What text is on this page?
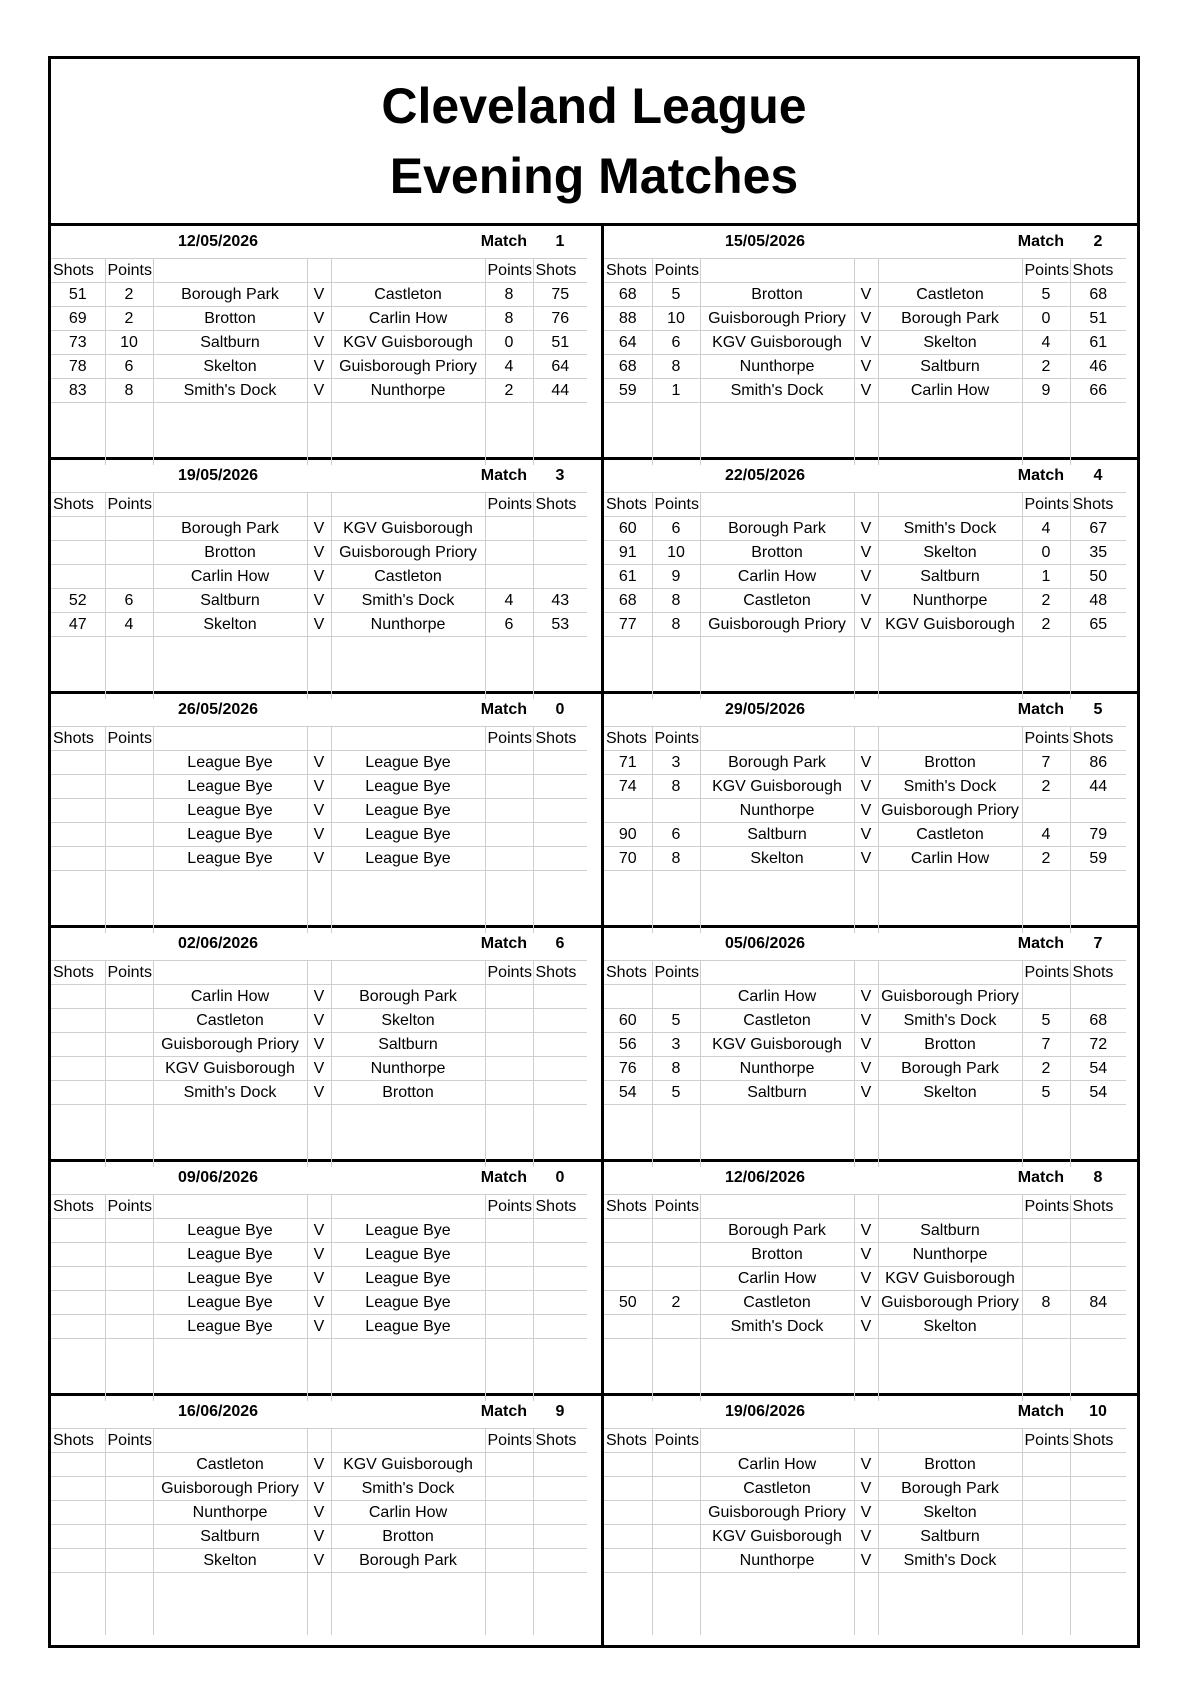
Cleveland League
Evening Matches
	12/05/2026			Match		1
Shots	Points				Points	Shots
51	2	Borough Park	V	Castleton	8	75
69	2	Brotton	V	Carlin How	8	76
73	10	Saltburn	V	KGV Guisborough	0	51
78	6	Skelton	V	Guisborough Priory	4	64
83	8	Smith's Dock	V	Nunthorpe	2	44

	15/05/2026			Match		2
Shots	Points				Points	Shots
68	5	Brotton	V	Castleton	5	68
88	10	Guisborough Priory	V	Borough Park	0	51
64	6	KGV Guisborough	V	Skelton	4	61
68	8	Nunthorpe	V	Saltburn	2	46
59	1	Smith's Dock	V	Carlin How	9	66

	19/05/2026			Match		3
Shots	Points				Points	Shots
		Borough Park	V	KGV Guisborough		
		Brotton	V	Guisborough Priory		
		Carlin How	V	Castleton		
52	6	Saltburn	V	Smith's Dock	4	43
47	4	Skelton	V	Nunthorpe	6	53

	22/05/2026			Match		4
Shots	Points				Points	Shots
60	6	Borough Park	V	Smith's Dock	4	67
91	10	Brotton	V	Skelton	0	35
61	9	Carlin How	V	Saltburn	1	50
68	8	Castleton	V	Nunthorpe	2	48
77	8	Guisborough Priory	V	KGV Guisborough	2	65

	26/05/2026			Match		0
Shots	Points				Points	Shots
		League Bye	V	League Bye		
		League Bye	V	League Bye		
		League Bye	V	League Bye		
		League Bye	V	League Bye		
		League Bye	V	League Bye		

	29/05/2026			Match		5
Shots	Points				Points	Shots
71	3	Borough Park	V	Brotton	7	86
74	8	KGV Guisborough	V	Smith's Dock	2	44
		Nunthorpe	V	Guisborough Priory		
90	6	Saltburn	V	Castleton	4	79
70	8	Skelton	V	Carlin How	2	59

	02/06/2026			Match		6
Shots	Points				Points	Shots
		Carlin How	V	Borough Park		
		Castleton	V	Skelton		
		Guisborough Priory	V	Saltburn		
		KGV Guisborough	V	Nunthorpe		
		Smith's Dock	V	Brotton		

	05/06/2026			Match		7
Shots	Points				Points	Shots
		Carlin How	V	Guisborough Priory		
60	5	Castleton	V	Smith's Dock	5	68
56	3	KGV Guisborough	V	Brotton	7	72
76	8	Nunthorpe	V	Borough Park	2	54
54	5	Saltburn	V	Skelton	5	54

	09/06/2026			Match		0
Shots	Points				Points	Shots
		League Bye	V	League Bye		
		League Bye	V	League Bye		
		League Bye	V	League Bye		
		League Bye	V	League Bye		
		League Bye	V	League Bye		

	12/06/2026			Match		8
Shots	Points				Points	Shots
		Borough Park	V	Saltburn		
		Brotton	V	Nunthorpe		
		Carlin How	V	KGV Guisborough		
50	2	Castleton	V	Guisborough Priory	8	84
		Smith's Dock	V	Skelton		

	16/06/2026			Match		9
Shots	Points				Points	Shots
		Castleton	V	KGV Guisborough		
		Guisborough Priory	V	Smith's Dock		
		Nunthorpe	V	Carlin How		
		Saltburn	V	Brotton		
		Skelton	V	Borough Park		

	19/06/2026			Match		10
Shots	Points				Points	Shots
		Carlin How	V	Brotton		
		Castleton	V	Borough Park		
		Guisborough Priory	V	Skelton		
		KGV Guisborough	V	Saltburn		
		Nunthorpe	V	Smith's Dock		
